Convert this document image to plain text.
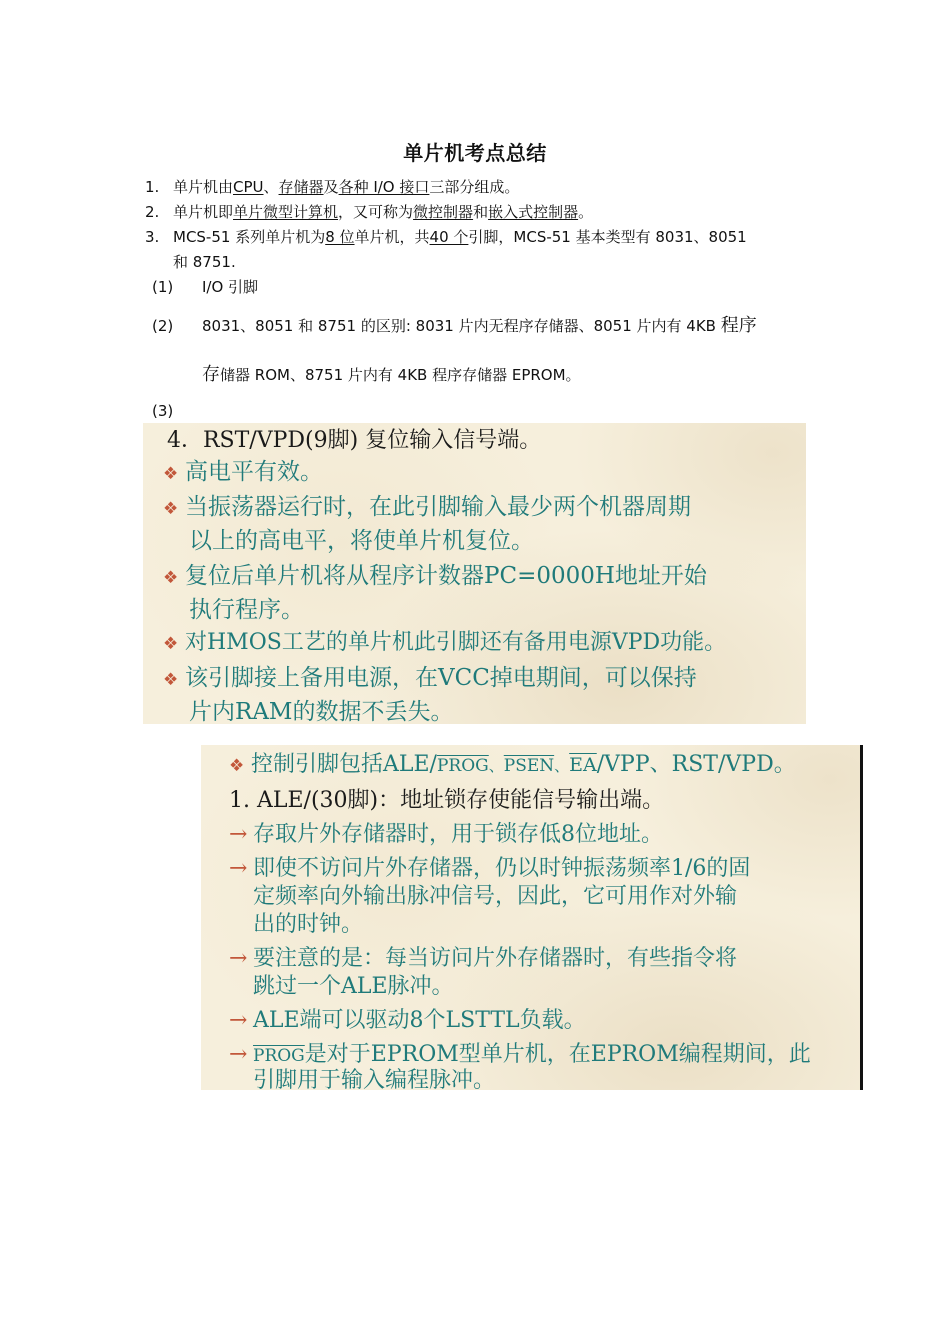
单片机考点总结
1. 单片机由CPU、存储器及各种 I/O 接口三部分组成。
2. 单片机即单片微型计算机，又可称为微控制器和嵌入式控制器。
3. MCS-51 系列单片机为8 位单片机，共40 个引脚，MCS-51 基本类型有 8031、8051
和 8751.
(1) I/O 引脚
(2) 8031、8051 和 8751 的区别: 8031 片内无程序存储器、8051 片内有 4KB 程序
存储器 ROM、8751 片内有 4KB 程序存储器 EPROM。
(3)
4．RST/VPD(9脚) 复位输入信号端。
❖ 高电平有效。
❖ 当振荡器运行时，在此引脚输入最少两个机器周期
以上的高电平，将使单片机复位。
❖ 复位后单片机将从程序计数器PC=0000H地址开始
执行程序。
❖ 对HMOS工艺的单片机此引脚还有备用电源VPD功能。
❖ 该引脚接上备用电源，在VCC掉电期间，可以保持
片内RAM的数据不丢失。
❖ 控制引脚包括ALE/PROG、PSEN、$\overline{EA}$/VPP、RST/VPD。
1. ALE/(30脚)：地址锁存使能信号输出端。
→ 存取片外存储器时，用于锁存低8位地址。
→ 即使不访问片外存储器，仍以时钟振荡频率1/6的固
定频率向外输出脉冲信号，因此，它可用作对外输
出的时钟。
→ 要注意的是：每当访问片外存储器时，有些指令将
跳过一个ALE脉冲。
→ ALE端可以驱动8个LSTTL负载。
→ PROG是对于EPROM型单片机，在EPROM编程期间，此
引脚用于输入编程脉冲。
